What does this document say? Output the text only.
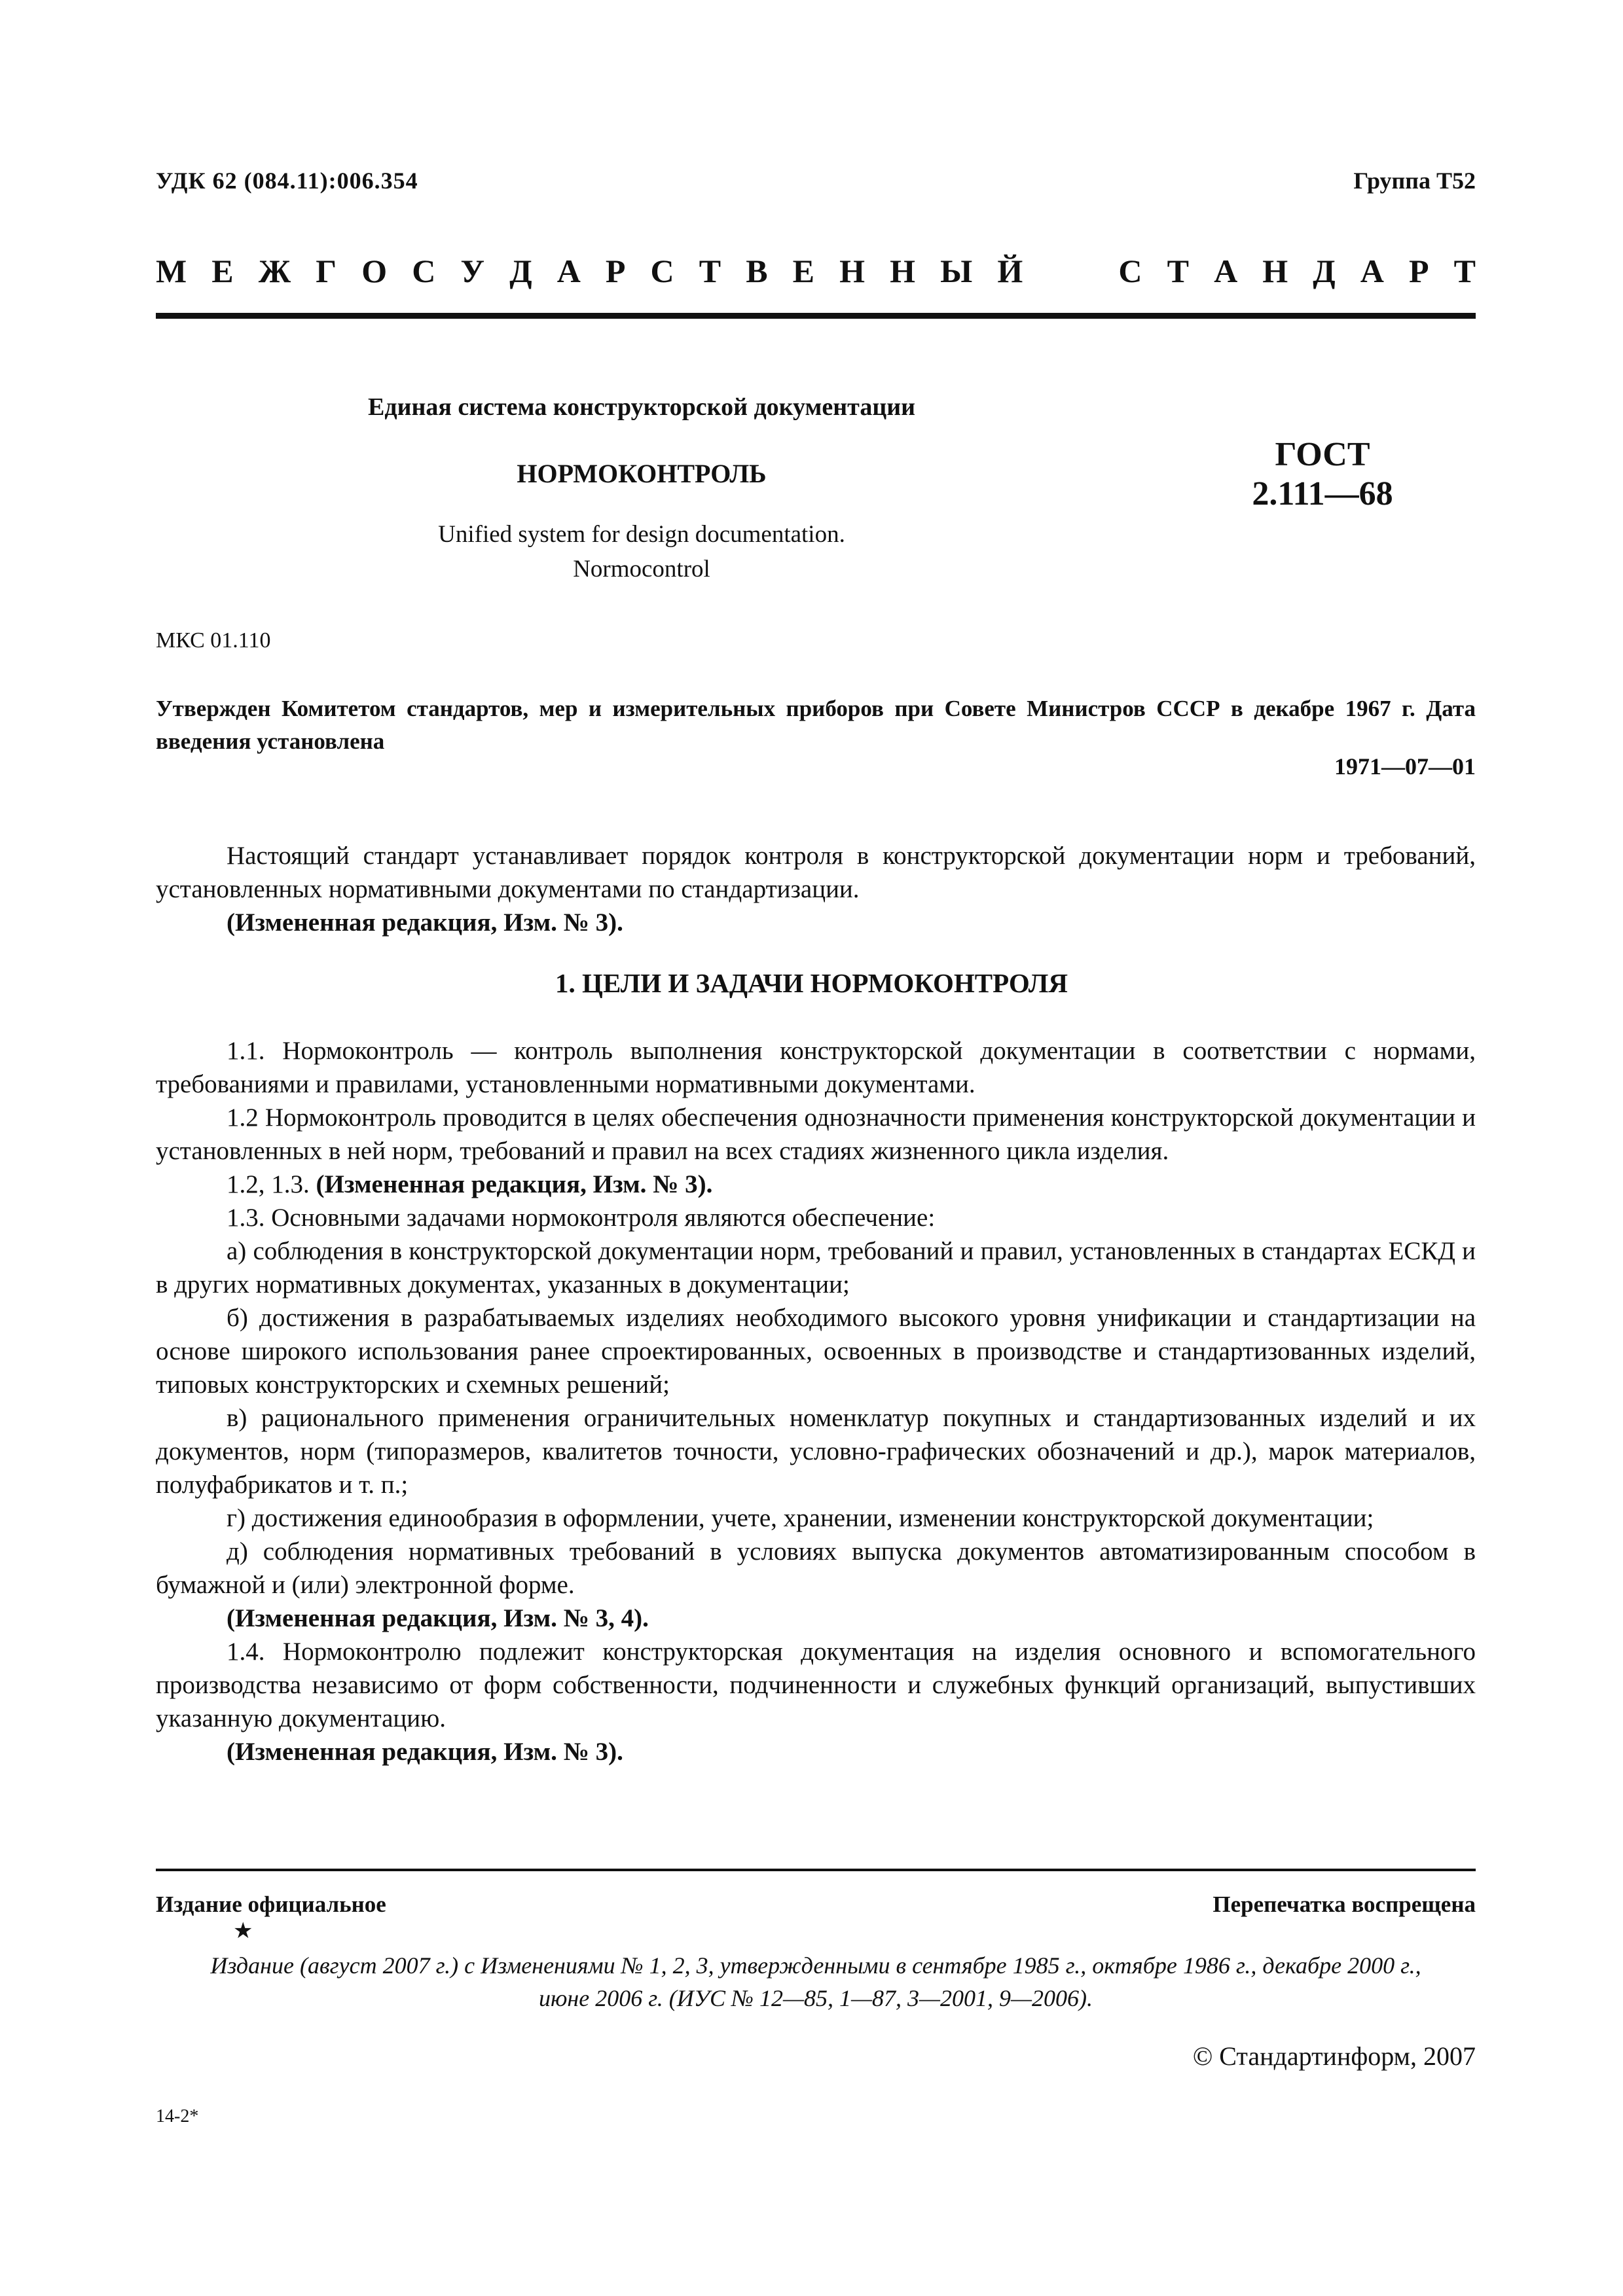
УДК 62 (084.11):006.354	Группа Т52
М Е Ж Г О С У Д А Р С Т В Е Н Н Ы Й	С Т А Н Д А Р Т
Единая система конструкторской документации
НОРМОКОНТРОЛЬ
Unified system for design documentation.
Normocontrol
ГОСТ
2.111—68
МКС 01.110
Утвержден Комитетом стандартов, мер и измерительных приборов при Совете Министров СССР в декабре 1967 г. Дата введения установлена
1971—07—01

Настоящий стандарт устанавливает порядок контроля в конструкторской документации норм и требований, установленных нормативными документами по стандартизации.

(Измененная редакция, Изм. № 3).

1. ЦЕЛИ И ЗАДАЧИ НОРМОКОНТРОЛЯ

1.1. Нормоконтроль — контроль выполнения конструкторской документации в соответствии с нормами, требованиями и правилами, установленными нормативными документами.

1.2 Нормоконтроль проводится в целях обеспечения однозначности применения конструкторской документации и установленных в ней норм, требований и правил на всех стадиях жизненного цикла изделия.

1.2, 1.3. (Измененная редакция, Изм. № 3).

1.3. Основными задачами нормоконтроля являются обеспечение:

а) соблюдения в конструкторской документации норм, требований и правил, установленных в стандартах ЕСКД и в других нормативных документах, указанных в документации;

б) достижения в разрабатываемых изделиях необходимого высокого уровня унификации и стандартизации на основе широкого использования ранее спроектированных, освоенных в производстве и стандартизованных изделий, типовых конструкторских и схемных решений;

в) рационального применения ограничительных номенклатур покупных и стандартизованных изделий и их документов, норм (типоразмеров, квалитетов точности, условно-графических обозначений и др.), марок материалов, полуфабрикатов и т. п.;

г) достижения единообразия в оформлении, учете, хранении, изменении конструкторской документации;

д) соблюдения нормативных требований в условиях выпуска документов автоматизированным способом в бумажной и (или) электронной форме.

(Измененная редакция, Изм. № 3, 4).

1.4. Нормоконтролю подлежит конструкторская документация на изделия основного и вспомогательного производства независимо от форм собственности, подчиненности и служебных функций организаций, выпустивших указанную документацию.

(Измененная редакция, Изм. № 3).

Издание официальное
★
Перепечатка воспрещена
Издание (август 2007 г.) с Изменениями № 1, 2, 3, утвержденными в сентябре 1985 г., октябре 1986 г., декабре 2000 г.,
июне 2006 г. (ИУС № 12—85, 1—87, 3—2001, 9—2006).
© Стандартинформ, 2007
14-2*
